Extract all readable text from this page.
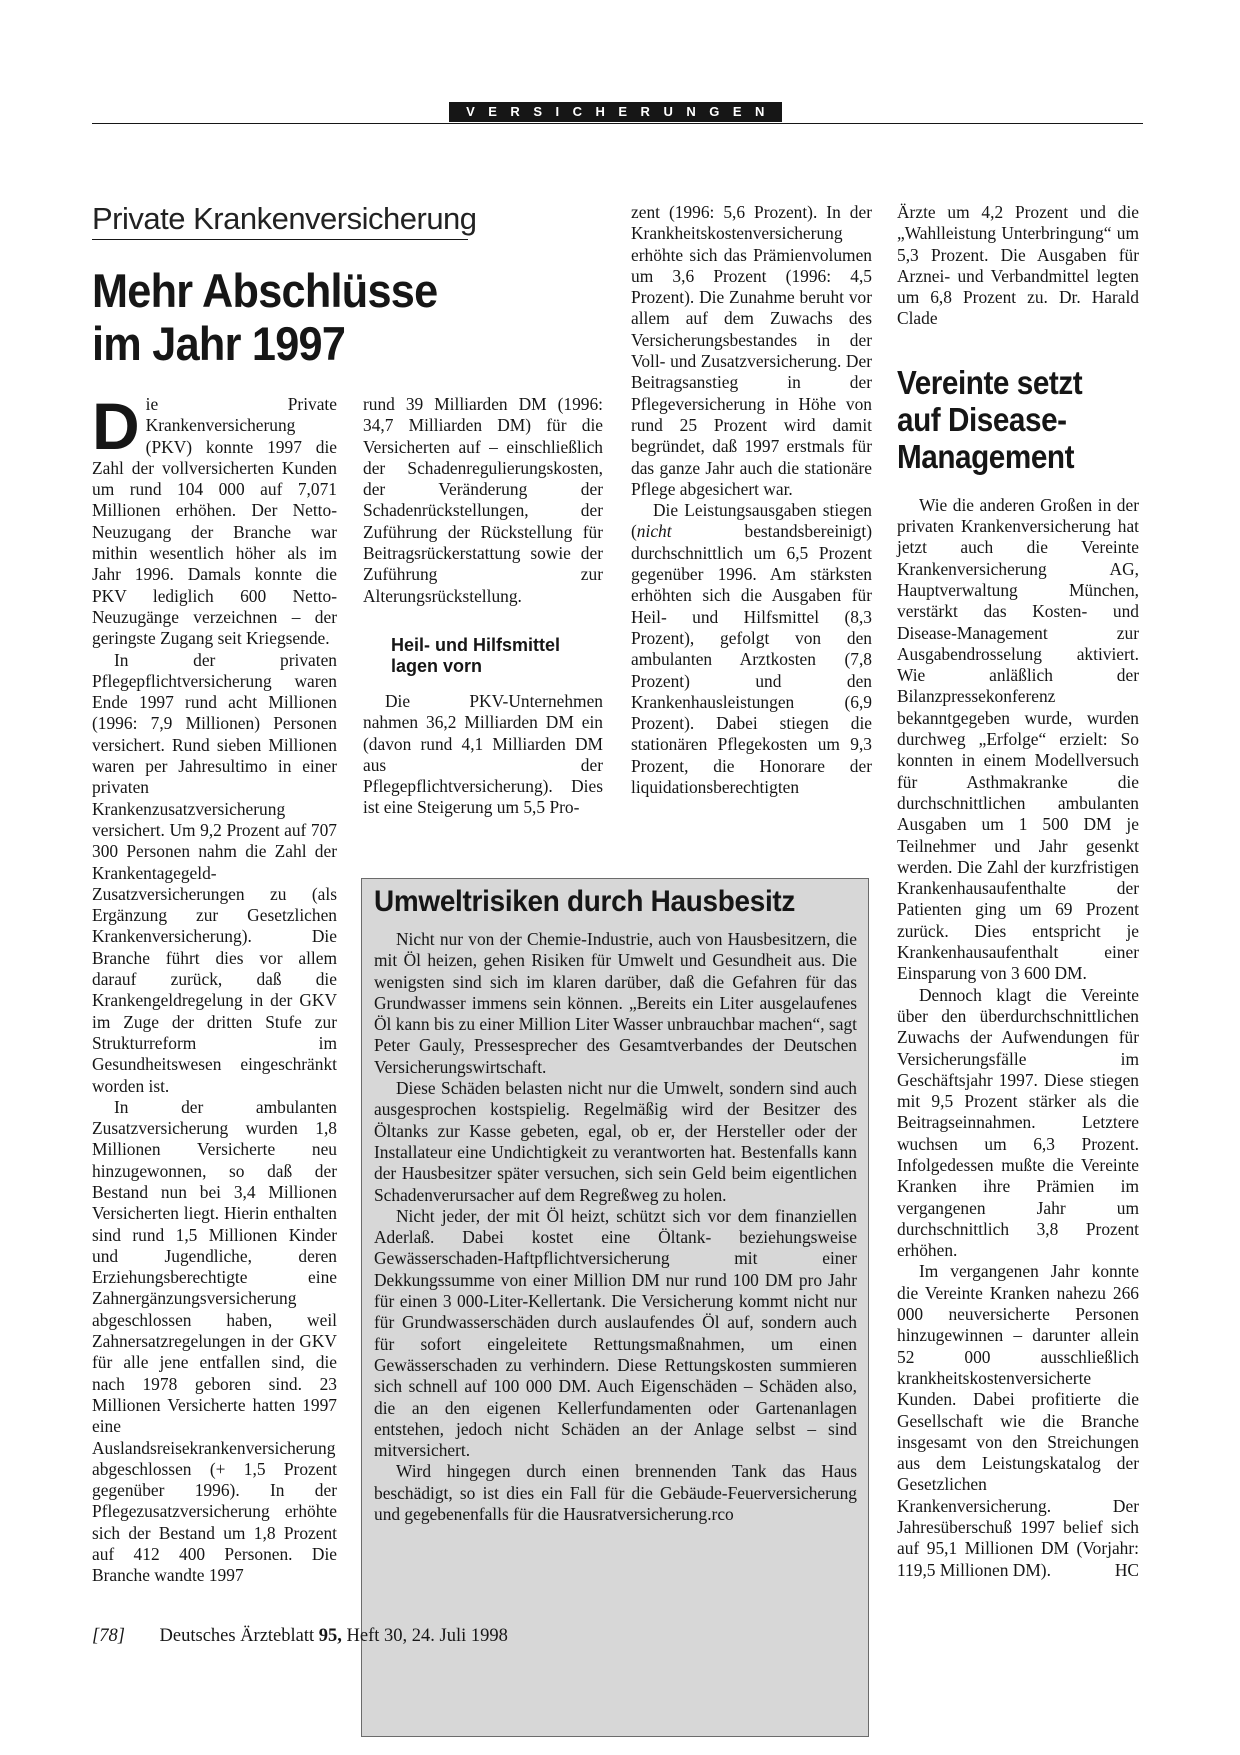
VERSICHERUNGEN
Private Krankenversicherung
Mehr Abschlüsse
im Jahr 1997

Die Private Krankenversicherung (PKV) konnte 1997 die Zahl der vollversicherten Kunden um rund 104 000 auf 7,071 Millionen erhöhen. Der Netto-Neuzugang der Branche war mithin wesentlich höher als im Jahr 1996. Damals konnte die PKV lediglich 600 Netto-Neuzugänge verzeichnen – der geringste Zugang seit Kriegsende.

In der privaten Pflegepflichtversicherung waren Ende 1997 rund acht Millionen (1996: 7,9 Millionen) Personen versichert. Rund sieben Millionen waren per Jahresultimo in einer privaten Krankenzusatzversicherung versichert. Um 9,2 Prozent auf 707 300 Personen nahm die Zahl der Krankentagegeld-Zusatzversicherungen zu (als Ergänzung zur Gesetzlichen Krankenversicherung). Die Branche führt dies vor allem darauf zurück, daß die Krankengeldregelung in der GKV im Zuge der dritten Stufe zur Strukturreform im Gesundheitswesen eingeschränkt worden ist.

In der ambulanten Zusatzversicherung wurden 1,8 Millionen Versicherte neu hinzugewonnen, so daß der Bestand nun bei 3,4 Millionen Versicherten liegt. Hierin enthalten sind rund 1,5 Millionen Kinder und Jugendliche, deren Erziehungsberechtigte eine Zahnergänzungsversicherung abgeschlossen haben, weil Zahnersatzregelungen in der GKV für alle jene entfallen sind, die nach 1978 geboren sind. 23 Millionen Versicherte hatten 1997 eine Auslandsreisekrankenversicherung abgeschlossen (+ 1,5 Prozent gegenüber 1996). In der Pflegezusatzversicherung erhöhte sich der Bestand um 1,8 Prozent auf 412 400 Personen. Die Branche wandte 1997

rund 39 Milliarden DM (1996: 34,7 Milliarden DM) für die Versicherten auf – einschließlich der Schadenregulierungskosten, der Veränderung der Schadenrückstellungen, der Zuführung der Rückstellung für Beitragsrückerstattung sowie der Zuführung zur Alterungsrückstellung.

Heil- und Hilfsmittel
lagen vorn

Die PKV-Unternehmen nahmen 36,2 Milliarden DM ein (davon rund 4,1 Milliarden DM aus der Pflegepflichtversicherung). Dies ist eine Steigerung um 5,5 Pro-

zent (1996: 5,6 Prozent). In der Krankheitskostenversicherung erhöhte sich das Prämienvolumen um 3,6 Prozent (1996: 4,5 Prozent). Die Zunahme beruht vor allem auf dem Zuwachs des Versicherungsbestandes in der Voll- und Zusatzversicherung. Der Beitragsanstieg in der Pflegeversicherung in Höhe von rund 25 Prozent wird damit begründet, daß 1997 erstmals für das ganze Jahr auch die stationäre Pflege abgesichert war.

Die Leistungsausgaben stiegen (nicht bestandsbereinigt) durchschnittlich um 6,5 Prozent gegenüber 1996. Am stärksten erhöhten sich die Ausgaben für Heil- und Hilfsmittel (8,3 Prozent), gefolgt von den ambulanten Arztkosten (7,8 Prozent) und den Krankenhausleistungen (6,9 Prozent). Dabei stiegen die stationären Pflegekosten um 9,3 Prozent, die Honorare der liquidationsberechtigten

Ärzte um 4,2 Prozent und die „Wahlleistung Unterbringung“ um 5,3 Prozent. Die Ausgaben für Arznei- und Verbandmittel legten um 6,8 Prozent zu. Dr. Harald Clade

Vereinte setzt
auf Disease-
Management

Wie die anderen Großen in der privaten Krankenversicherung hat jetzt auch die Vereinte Krankenversicherung AG, Hauptverwaltung München, verstärkt das Kosten- und Disease-Management zur Ausgabendrosselung aktiviert. Wie anläßlich der Bilanzpressekonferenz bekanntgegeben wurde, wurden durchweg „Erfolge“ erzielt: So konnten in einem Modellversuch für Asthmakranke die durchschnittlichen ambulanten Ausgaben um 1 500 DM je Teilnehmer und Jahr gesenkt werden. Die Zahl der kurzfristigen Krankenhausaufenthalte der Patienten ging um 69 Prozent zurück. Dies entspricht je Krankenhausaufenthalt einer Einsparung von 3 600 DM.

Dennoch klagt die Vereinte über den überdurchschnittlichen Zuwachs der Aufwendungen für Versicherungsfälle im Geschäftsjahr 1997. Diese stiegen mit 9,5 Prozent stärker als die Beitragseinnahmen. Letztere wuchsen um 6,3 Prozent. Infolgedessen mußte die Vereinte Kranken ihre Prämien im vergangenen Jahr um durchschnittlich 3,8 Prozent erhöhen.

Im vergangenen Jahr konnte die Vereinte Kranken nahezu 266 000 neuversicherte Personen hinzugewinnen – darunter allein 52 000 ausschließlich krankheitskostenversicherte Kunden. Dabei profitierte die Gesellschaft wie die Branche insgesamt von den Streichungen aus dem Leistungskatalog der Gesetzlichen Krankenversicherung. Der Jahresüberschuß 1997 belief sich auf 95,1 Millionen DM (Vorjahr: 119,5 Millionen DM).	HC

Umweltrisiken durch Hausbesitz

Nicht nur von der Chemie-Industrie, auch von Hausbesitzern, die mit Öl heizen, gehen Risiken für Umwelt und Gesundheit aus. Die wenigsten sind sich im klaren darüber, daß die Gefahren für das Grundwasser immens sein können. „Bereits ein Liter ausgelaufenes Öl kann bis zu einer Million Liter Wasser unbrauchbar machen“, sagt Peter Gauly, Pressesprecher des Gesamtverbandes der Deutschen Versicherungswirtschaft.

Diese Schäden belasten nicht nur die Umwelt, sondern sind auch ausgesprochen kostspielig. Regelmäßig wird der Besitzer des Öltanks zur Kasse gebeten, egal, ob er, der Hersteller oder der Installateur eine Undichtigkeit zu verantworten hat. Bestenfalls kann der Hausbesitzer später versuchen, sich sein Geld beim eigentlichen Schadenverursacher auf dem Regreßweg zu holen.

Nicht jeder, der mit Öl heizt, schützt sich vor dem finanziellen Aderlaß. Dabei kostet eine Öltank- beziehungsweise Gewässerschaden-Haftpflichtversicherung mit einer Dekkungssumme von einer Million DM nur rund 100 DM pro Jahr für einen 3 000-Liter-Kellertank. Die Versicherung kommt nicht nur für Grundwasserschäden durch auslaufendes Öl auf, sondern auch für sofort eingeleitete Rettungsmaßnahmen, um einen Gewässerschaden zu verhindern. Diese Rettungskosten summieren sich schnell auf 100 000 DM. Auch Eigenschäden – Schäden also, die an den eigenen Kellerfundamenten oder Gartenanlagen entstehen, jedoch nicht Schäden an der Anlage selbst – sind mitversichert.

Wird hingegen durch einen brennenden Tank das Haus beschädigt, so ist dies ein Fall für die Gebäude-Feuerversicherung und gegebenenfalls für die Hausratversicherung.rco

[78] Deutsches Ärzteblatt 95, Heft 30, 24. Juli 1998
